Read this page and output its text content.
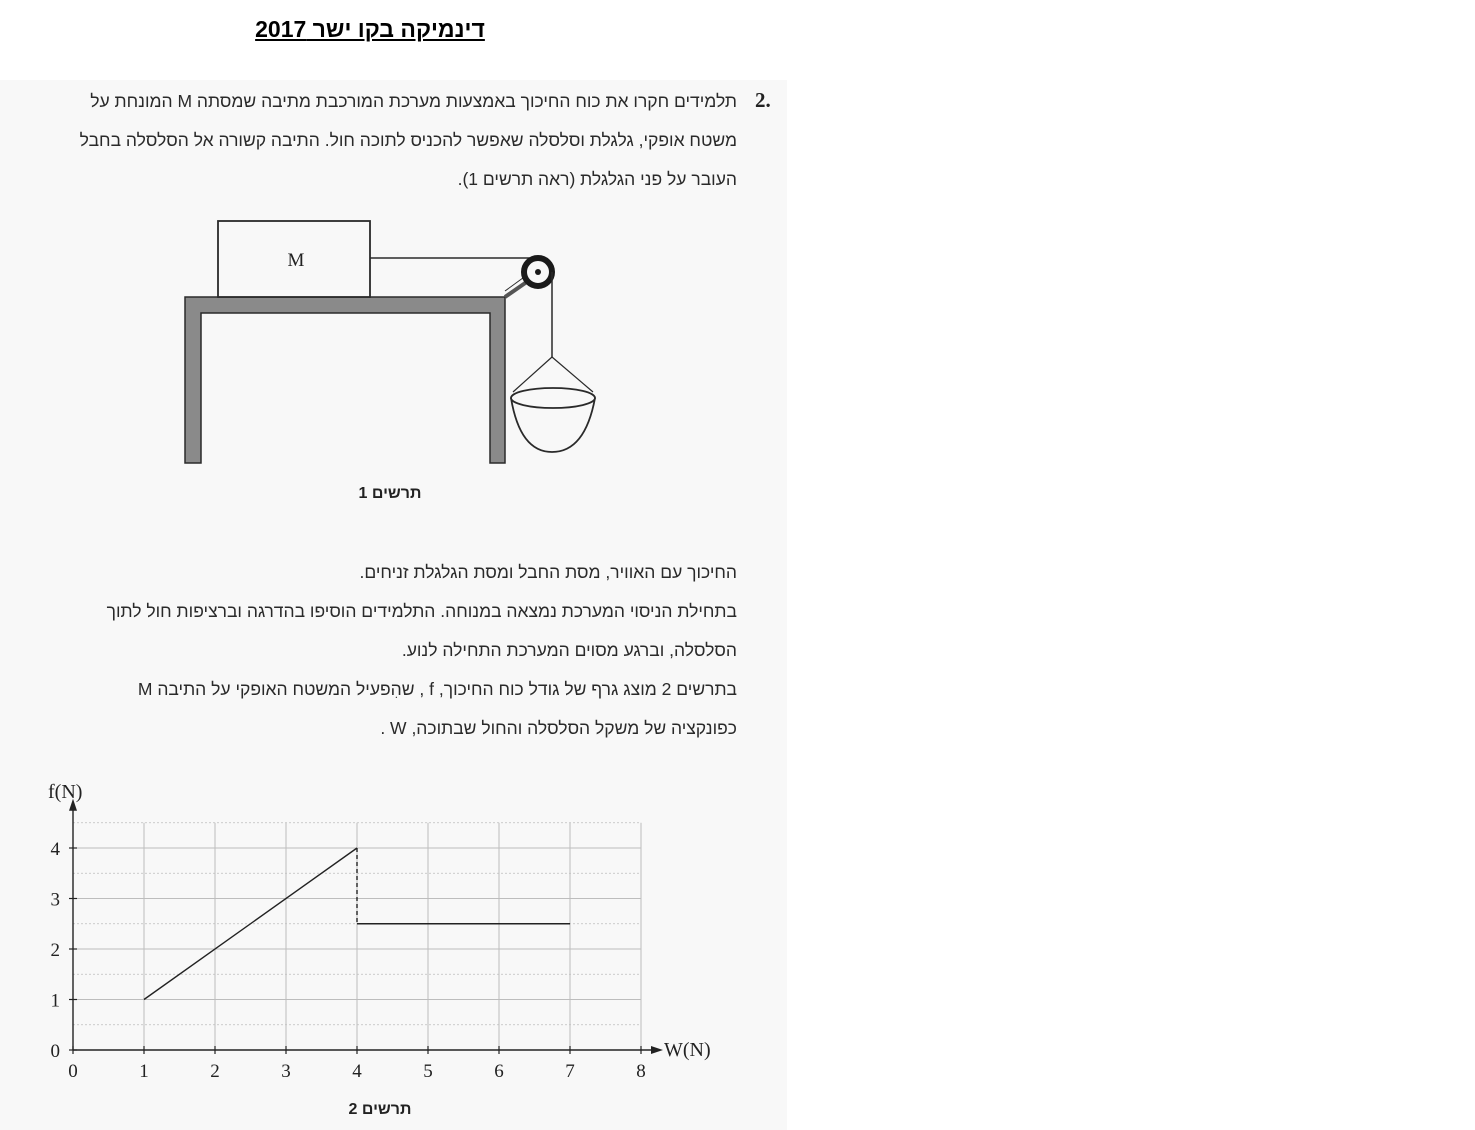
דינמיקה בקו ישר 2017
2.
תלמידים חקרו את כוח החיכוך באמצעות מערכת המורכבת מתיבה שמסתה M המונחת על
משטח אופקי, גלגלת וסלסלה שאפשר להכניס לתוכה חול. התיבה קשורה אל הסלסלה בחבל
העובר על פני הגלגלת (ראה תרשים 1).
M
תרשים 1
החיכוך עם האוויר, מסת החבל ומסת הגלגלת זניחים.
בתחילת הניסוי המערכת נמצאה במנוחה. התלמידים הוסיפו בהדרגה וברציפות חול לתוך
הסלסלה, וברגע מסוים המערכת התחילה לנוע.
בתרשים 2 מוצג גרף של גודל כוח החיכוך, f , שהִפעיל המשטח האופקי על התיבה M
כפונקציה של משקל הסלסלה והחול שבתוכה, W .
0	1	2	3	4	5	6	7	8
0
1
2
3
4
f(N)
W(N)
תרשים 2
